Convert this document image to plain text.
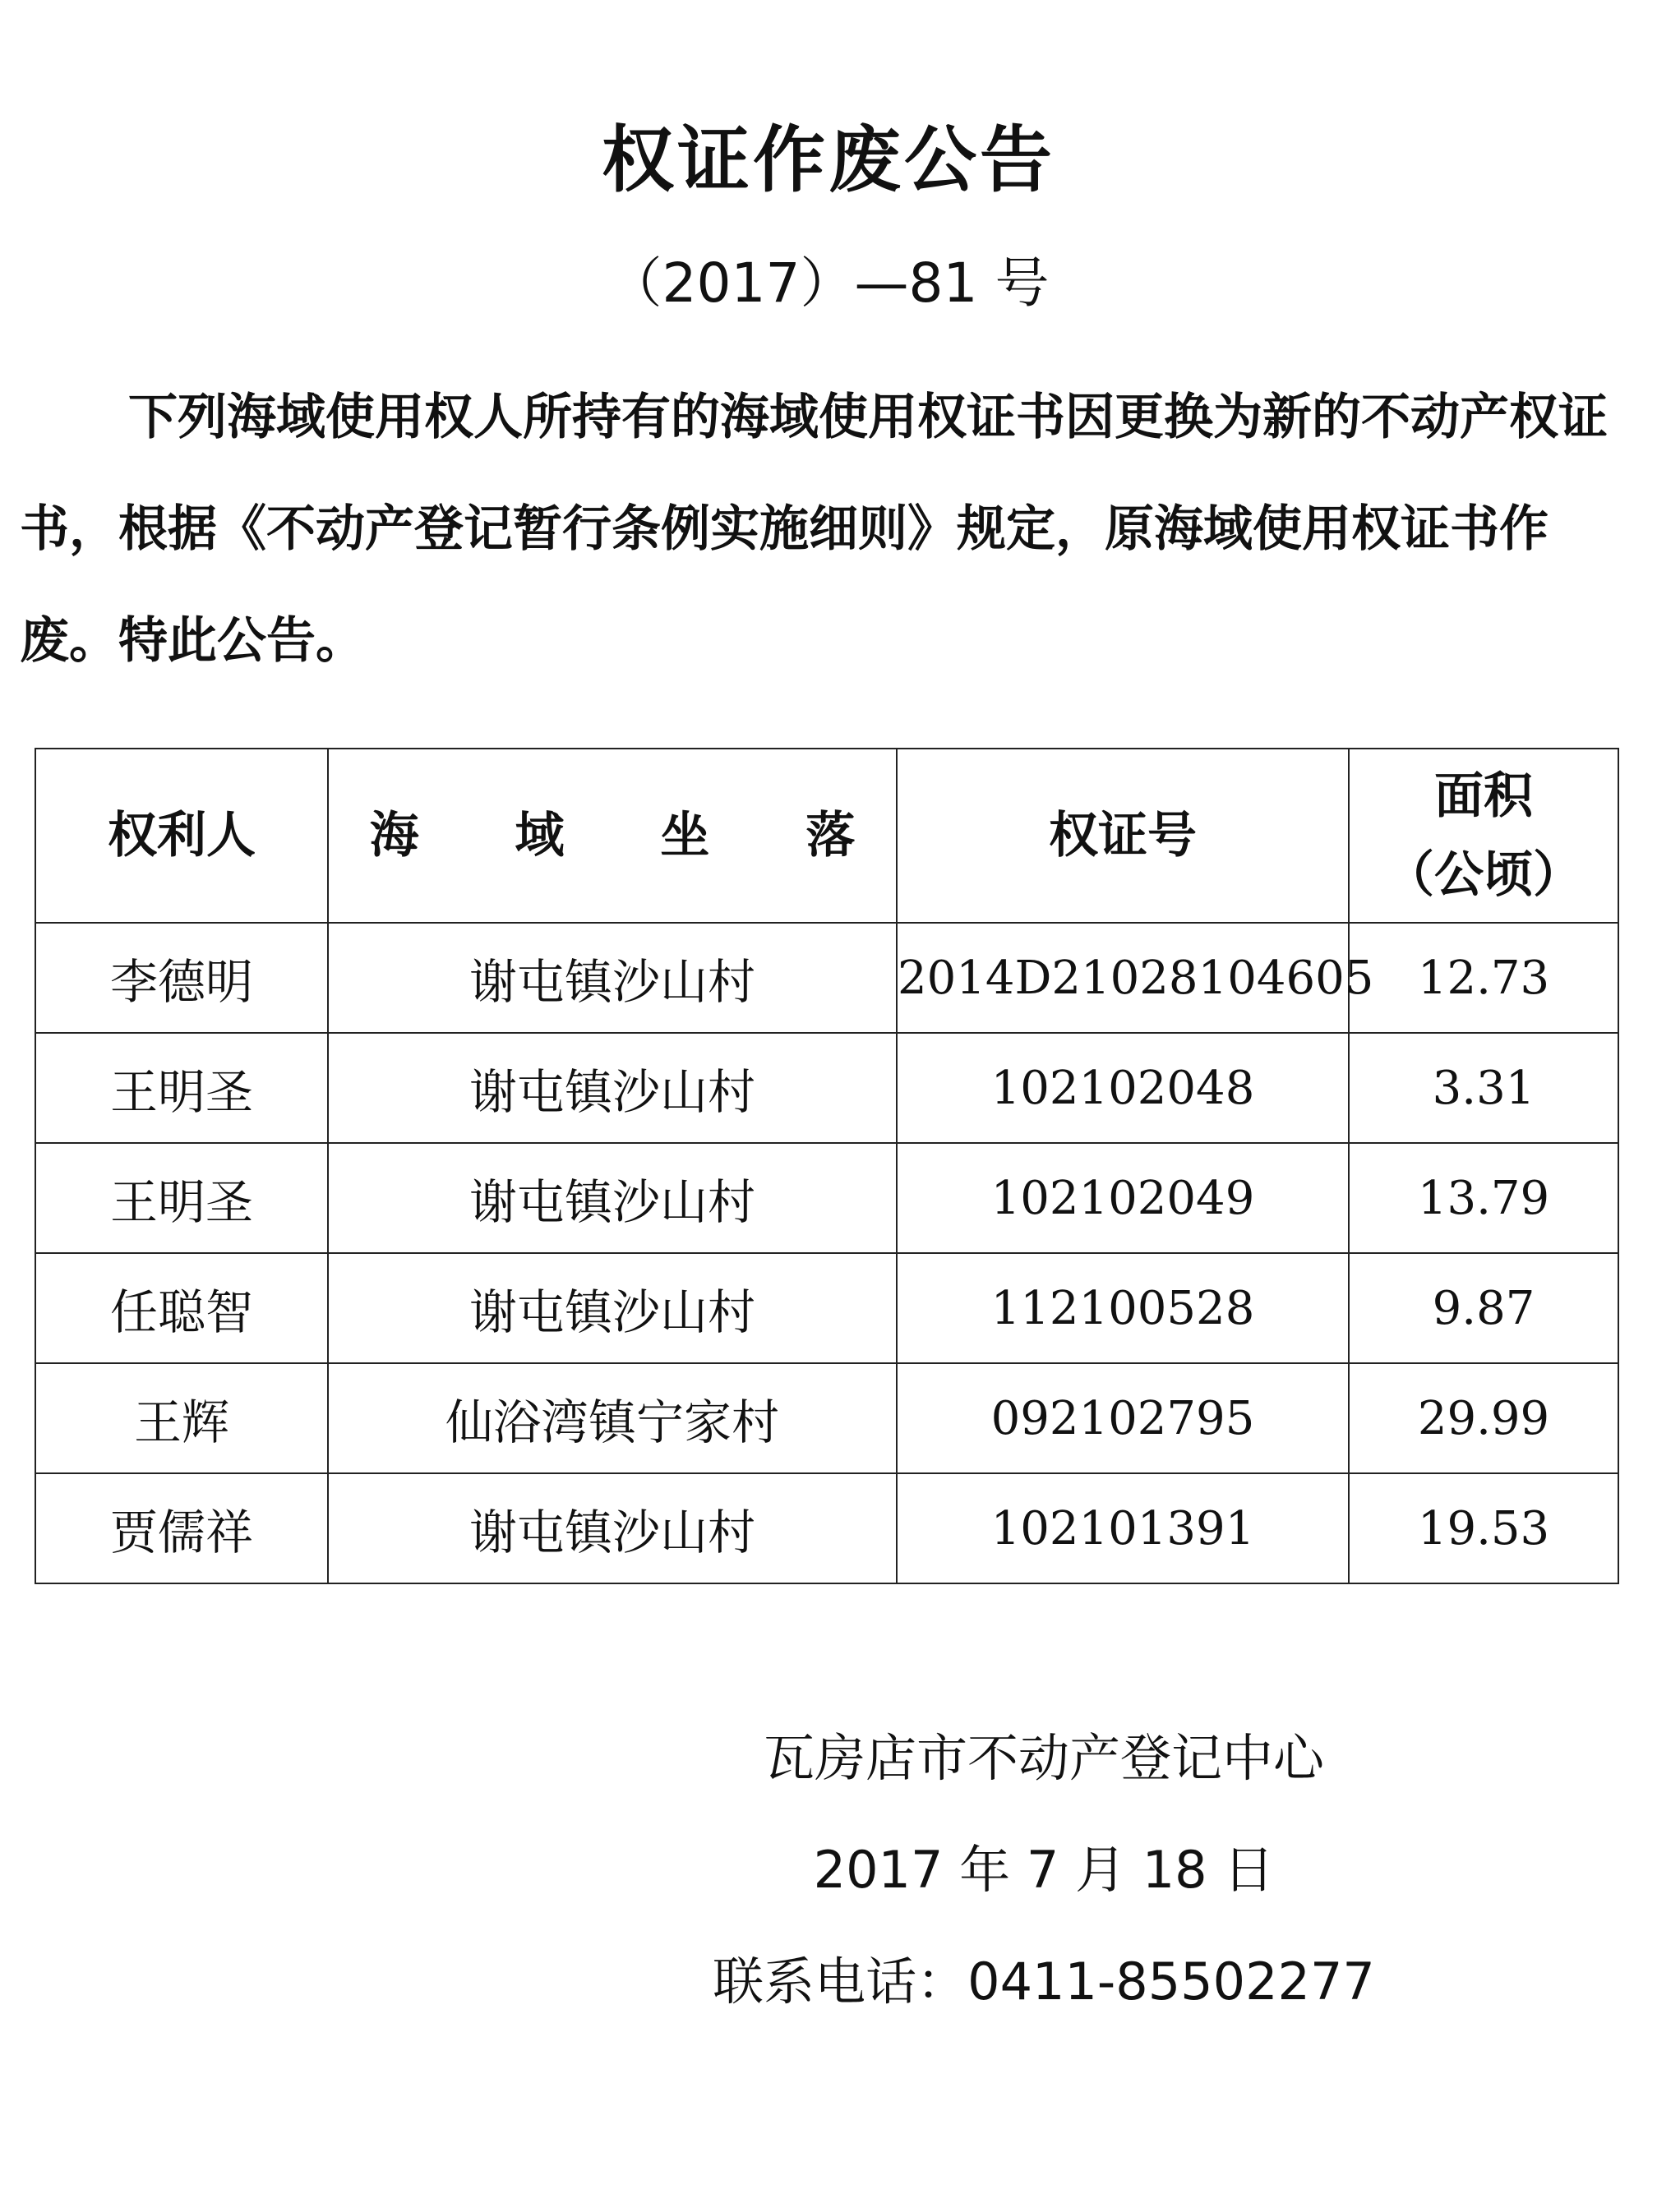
权证作废公告
（2017）—81 号

下列海域使用权人所持有的海域使用权证书因更换为新的不动产权证书，根据《不动产登记暂行条例实施细则》规定，原海域使用权证书作废。特此公告。

权利人	海 域 坐 落	权证号	面积
（公顷）

李德明	谢屯镇沙山村	2014D21028104605	12.73
王明圣	谢屯镇沙山村	102102048	3.31
王明圣	谢屯镇沙山村	102102049	13.79
任聪智	谢屯镇沙山村	112100528	9.87
王辉	仙浴湾镇宁家村	092102795	29.99
贾儒祥	谢屯镇沙山村	102101391	19.53
瓦房店市不动产登记中心
2017 年 7 月 18 日
联系电话：0411-85502277
